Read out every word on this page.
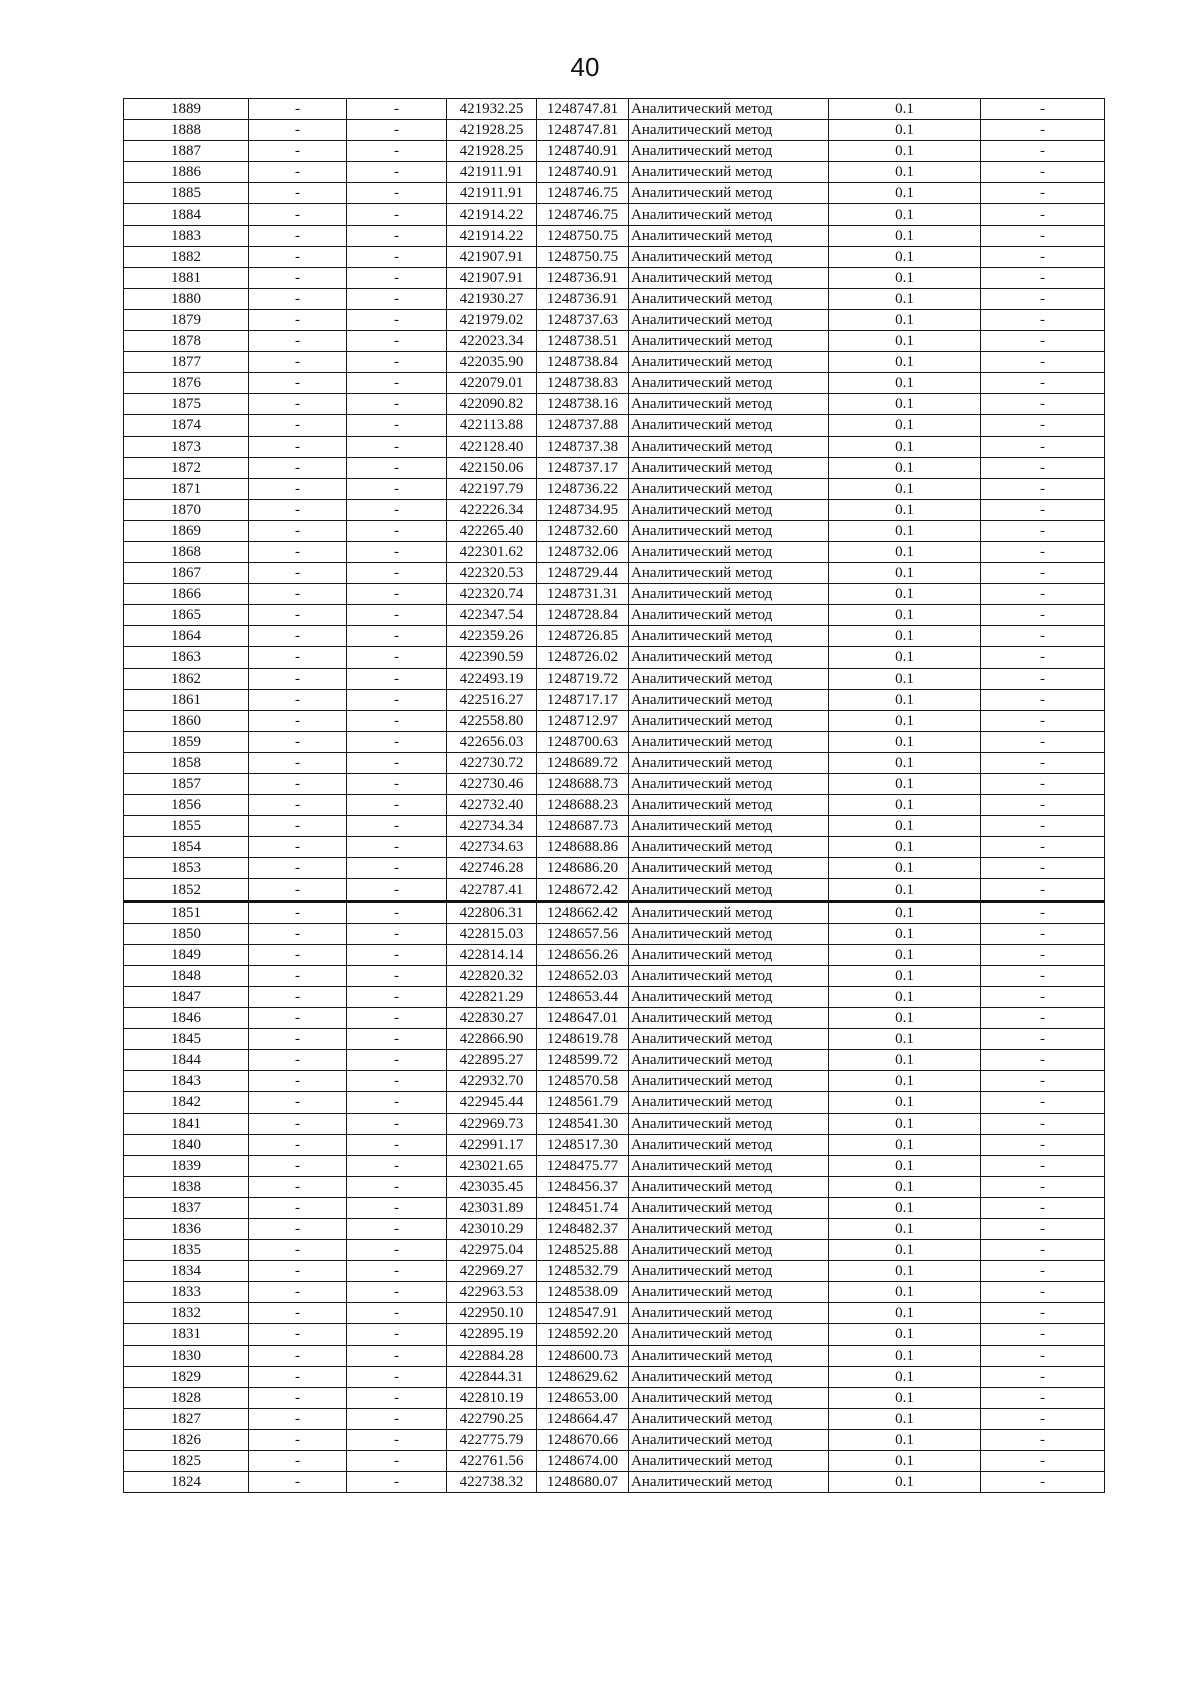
40
1889	-	-	421932.25	1248747.81	Аналитический метод	0.1	-
1888	-	-	421928.25	1248747.81	Аналитический метод	0.1	-
1887	-	-	421928.25	1248740.91	Аналитический метод	0.1	-
1886	-	-	421911.91	1248740.91	Аналитический метод	0.1	-
1885	-	-	421911.91	1248746.75	Аналитический метод	0.1	-
1884	-	-	421914.22	1248746.75	Аналитический метод	0.1	-
1883	-	-	421914.22	1248750.75	Аналитический метод	0.1	-
1882	-	-	421907.91	1248750.75	Аналитический метод	0.1	-
1881	-	-	421907.91	1248736.91	Аналитический метод	0.1	-
1880	-	-	421930.27	1248736.91	Аналитический метод	0.1	-
1879	-	-	421979.02	1248737.63	Аналитический метод	0.1	-
1878	-	-	422023.34	1248738.51	Аналитический метод	0.1	-
1877	-	-	422035.90	1248738.84	Аналитический метод	0.1	-
1876	-	-	422079.01	1248738.83	Аналитический метод	0.1	-
1875	-	-	422090.82	1248738.16	Аналитический метод	0.1	-
1874	-	-	422113.88	1248737.88	Аналитический метод	0.1	-
1873	-	-	422128.40	1248737.38	Аналитический метод	0.1	-
1872	-	-	422150.06	1248737.17	Аналитический метод	0.1	-
1871	-	-	422197.79	1248736.22	Аналитический метод	0.1	-
1870	-	-	422226.34	1248734.95	Аналитический метод	0.1	-
1869	-	-	422265.40	1248732.60	Аналитический метод	0.1	-
1868	-	-	422301.62	1248732.06	Аналитический метод	0.1	-
1867	-	-	422320.53	1248729.44	Аналитический метод	0.1	-
1866	-	-	422320.74	1248731.31	Аналитический метод	0.1	-
1865	-	-	422347.54	1248728.84	Аналитический метод	0.1	-
1864	-	-	422359.26	1248726.85	Аналитический метод	0.1	-
1863	-	-	422390.59	1248726.02	Аналитический метод	0.1	-
1862	-	-	422493.19	1248719.72	Аналитический метод	0.1	-
1861	-	-	422516.27	1248717.17	Аналитический метод	0.1	-
1860	-	-	422558.80	1248712.97	Аналитический метод	0.1	-
1859	-	-	422656.03	1248700.63	Аналитический метод	0.1	-
1858	-	-	422730.72	1248689.72	Аналитический метод	0.1	-
1857	-	-	422730.46	1248688.73	Аналитический метод	0.1	-
1856	-	-	422732.40	1248688.23	Аналитический метод	0.1	-
1855	-	-	422734.34	1248687.73	Аналитический метод	0.1	-
1854	-	-	422734.63	1248688.86	Аналитический метод	0.1	-
1853	-	-	422746.28	1248686.20	Аналитический метод	0.1	-
1852	-	-	422787.41	1248672.42	Аналитический метод	0.1	-
1851	-	-	422806.31	1248662.42	Аналитический метод	0.1	-
1850	-	-	422815.03	1248657.56	Аналитический метод	0.1	-
1849	-	-	422814.14	1248656.26	Аналитический метод	0.1	-
1848	-	-	422820.32	1248652.03	Аналитический метод	0.1	-
1847	-	-	422821.29	1248653.44	Аналитический метод	0.1	-
1846	-	-	422830.27	1248647.01	Аналитический метод	0.1	-
1845	-	-	422866.90	1248619.78	Аналитический метод	0.1	-
1844	-	-	422895.27	1248599.72	Аналитический метод	0.1	-
1843	-	-	422932.70	1248570.58	Аналитический метод	0.1	-
1842	-	-	422945.44	1248561.79	Аналитический метод	0.1	-
1841	-	-	422969.73	1248541.30	Аналитический метод	0.1	-
1840	-	-	422991.17	1248517.30	Аналитический метод	0.1	-
1839	-	-	423021.65	1248475.77	Аналитический метод	0.1	-
1838	-	-	423035.45	1248456.37	Аналитический метод	0.1	-
1837	-	-	423031.89	1248451.74	Аналитический метод	0.1	-
1836	-	-	423010.29	1248482.37	Аналитический метод	0.1	-
1835	-	-	422975.04	1248525.88	Аналитический метод	0.1	-
1834	-	-	422969.27	1248532.79	Аналитический метод	0.1	-
1833	-	-	422963.53	1248538.09	Аналитический метод	0.1	-
1832	-	-	422950.10	1248547.91	Аналитический метод	0.1	-
1831	-	-	422895.19	1248592.20	Аналитический метод	0.1	-
1830	-	-	422884.28	1248600.73	Аналитический метод	0.1	-
1829	-	-	422844.31	1248629.62	Аналитический метод	0.1	-
1828	-	-	422810.19	1248653.00	Аналитический метод	0.1	-
1827	-	-	422790.25	1248664.47	Аналитический метод	0.1	-
1826	-	-	422775.79	1248670.66	Аналитический метод	0.1	-
1825	-	-	422761.56	1248674.00	Аналитический метод	0.1	-
1824	-	-	422738.32	1248680.07	Аналитический метод	0.1	-
